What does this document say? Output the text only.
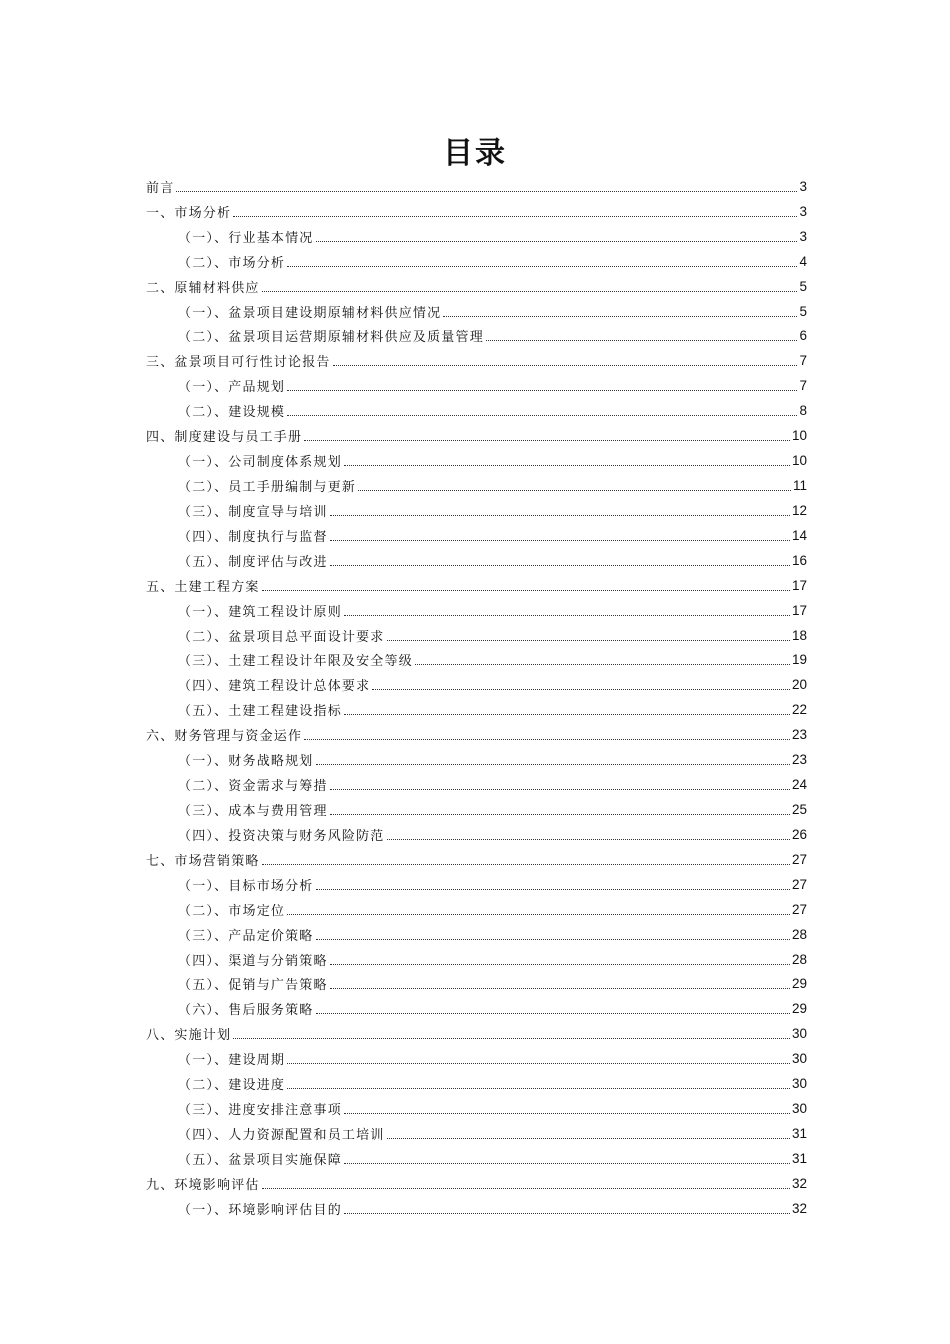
目录
前言	3
一、市场分析	3
（一）、行业基本情况	3
（二）、市场分析	4
二、原辅材料供应	5
（一）、盆景项目建设期原辅材料供应情况	5
（二）、盆景项目运营期原辅材料供应及质量管理	6
三、盆景项目可行性讨论报告	7
（一）、产品规划	7
（二）、建设规模	8
四、制度建设与员工手册	10
（一）、公司制度体系规划	10
（二）、员工手册编制与更新	11
（三）、制度宣导与培训	12
（四）、制度执行与监督	14
（五）、制度评估与改进	16
五、土建工程方案	17
（一）、建筑工程设计原则	17
（二）、盆景项目总平面设计要求	18
（三）、土建工程设计年限及安全等级	19
（四）、建筑工程设计总体要求	20
（五）、土建工程建设指标	22
六、财务管理与资金运作	23
（一）、财务战略规划	23
（二）、资金需求与筹措	24
（三）、成本与费用管理	25
（四）、投资决策与财务风险防范	26
七、市场营销策略	27
（一）、目标市场分析	27
（二）、市场定位	27
（三）、产品定价策略	28
（四）、渠道与分销策略	28
（五）、促销与广告策略	29
（六）、售后服务策略	29
八、实施计划	30
（一）、建设周期	30
（二）、建设进度	30
（三）、进度安排注意事项	30
（四）、人力资源配置和员工培训	31
（五）、盆景项目实施保障	31
九、环境影响评估	32
（一）、环境影响评估目的	32
